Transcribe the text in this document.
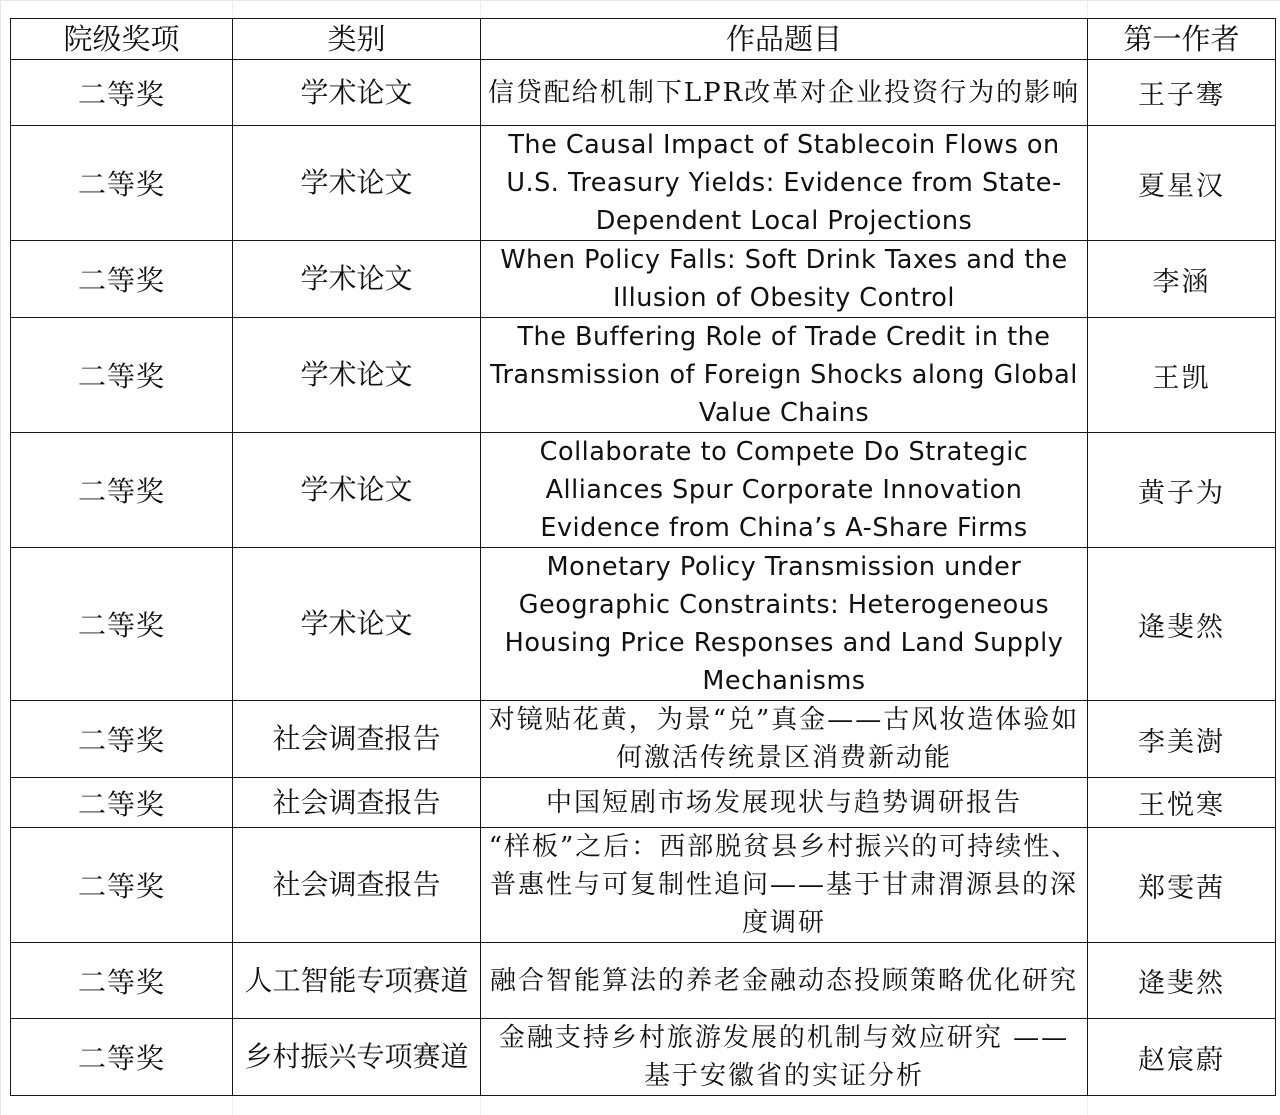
院级奖项	类别	作品题目	第一作者
二等奖	学术论文	信贷配给机制下LPR改革对企业投资行为的影响	王子骞
二等奖	学术论文	The Causal Impact of Stablecoin Flows on U.S. Treasury Yields: Evidence from State-Dependent Local Projections	夏星汉
二等奖	学术论文	When Policy Falls: Soft Drink Taxes and the Illusion of Obesity Control	李涵
二等奖	学术论文	The Buffering Role of Trade Credit in the Transmission of Foreign Shocks along Global Value Chains	王凯
二等奖	学术论文	Collaborate to Compete Do Strategic Alliances Spur Corporate Innovation Evidence from China’s A-Share Firms	黄子为
二等奖	学术论文	Monetary Policy Transmission under Geographic Constraints: Heterogeneous Housing Price Responses and Land Supply Mechanisms	逄斐然
二等奖	社会调查报告	对镜贴花黄，为景“兑”真金——古风妆造体验如何激活传统景区消费新动能	李美澍
二等奖	社会调查报告	中国短剧市场发展现状与趋势调研报告	王悦寒
二等奖	社会调查报告	“样板”之后：西部脱贫县乡村振兴的可持续性、普惠性与可复制性追问——基于甘肃渭源县的深度调研	郑雯茜
二等奖	人工智能专项赛道	融合智能算法的养老金融动态投顾策略优化研究	逄斐然
二等奖	乡村振兴专项赛道	金融支持乡村旅游发展的机制与效应研究 ——基于安徽省的实证分析	赵宸蔚
